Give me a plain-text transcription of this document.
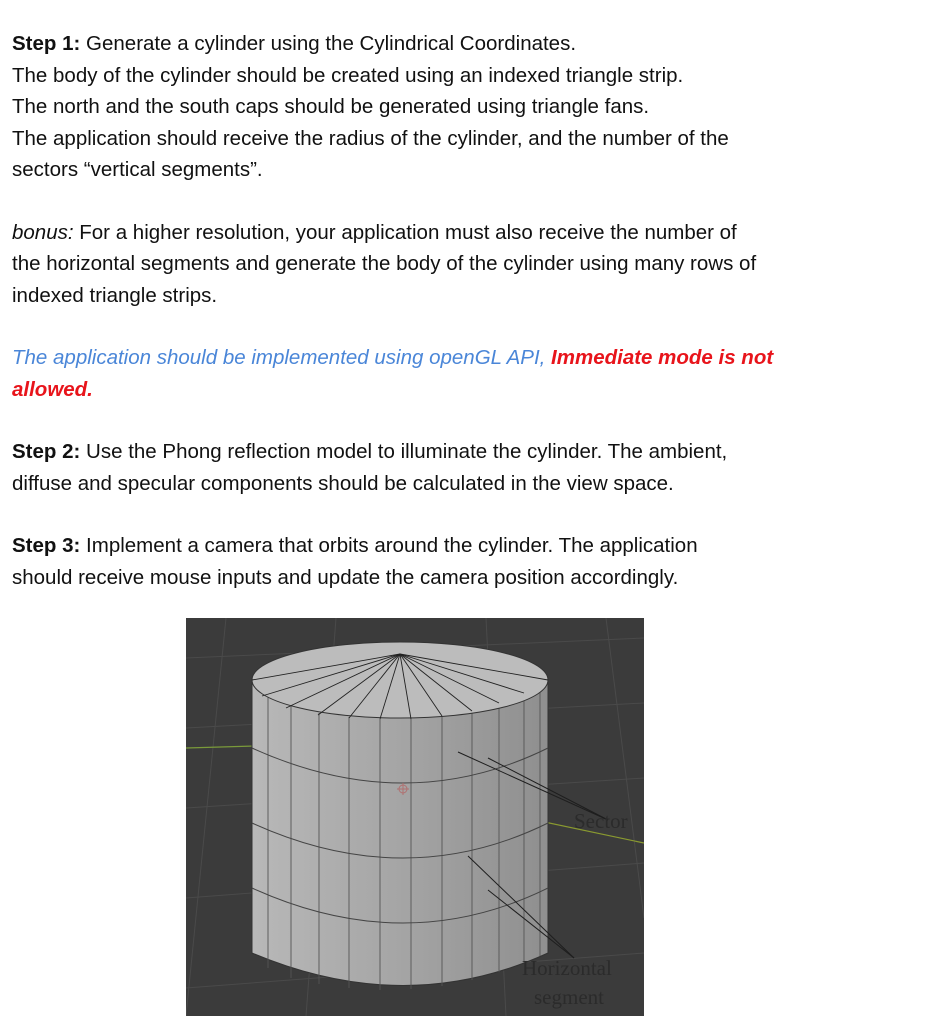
Step 1: Generate a cylinder using the Cylindrical Coordinates.

The body of the cylinder should be created using an indexed triangle strip.

The north and the south caps should be generated using triangle fans.

The application should receive the radius of the cylinder, and the number of the

sectors “vertical segments”.

bonus: For a higher resolution, your application must also receive the number of

the horizontal segments and generate the body of the cylinder using many rows of

indexed triangle strips.

The application should be implemented using openGL API, Immediate mode is not

allowed.

Step 2: Use the Phong reflection model to illuminate the cylinder. The ambient,

diffuse and specular components should be calculated in the view space.

Step 3: Implement a camera that orbits around the cylinder. The application

should receive mouse inputs and update the camera position accordingly.

Sector
Horizontal
segment
